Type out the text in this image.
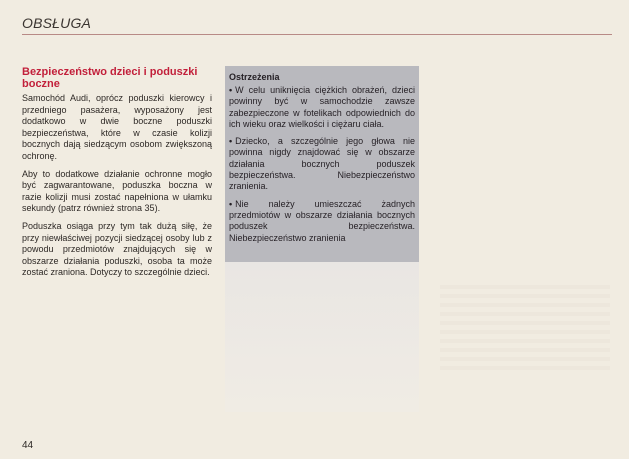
OBSŁUGA

Bezpieczeństwo dzieci i poduszki boczne

Samochód Audi, oprócz poduszki kierowcy i przedniego pasażera, wyposażony jest dodatkowo w dwie boczne poduszki bezpieczeństwa, które w czasie kolizji bocznych dają siedzącym osobom zwiększoną ochronę.

Aby to dodatkowe działanie ochronne mogło być zagwarantowane, poduszka boczna w razie kolizji musi zostać napełniona w ułamku sekundy (patrz również strona 35).

Poduszka osiąga przy tym tak dużą siłę, że przy niewłaściwej pozycji siedzącej osoby lub z powodu przedmiotów znajdujących się w obszarze działania poduszki, osoba ta może zostać zraniona. Dotyczy to szczególnie dzieci.

Ostrzeżenia

• W celu uniknięcia ciężkich obrażeń, dzieci powinny być w samochodzie zawsze zabezpieczone w fotelikach odpowiednich do ich wieku oraz wielkości i ciężaru ciała.

• Dziecko, a szczególnie jego głowa nie powinna nigdy znajdować się w obszarze działania bocznych poduszek bezpieczeństwa. Niebezpieczeństwo zranienia.

• Nie należy umieszczać żadnych przedmiotów w obszarze działania bocznych poduszek bezpieczeństwa. Niebezpieczeństwo zranienia

44
